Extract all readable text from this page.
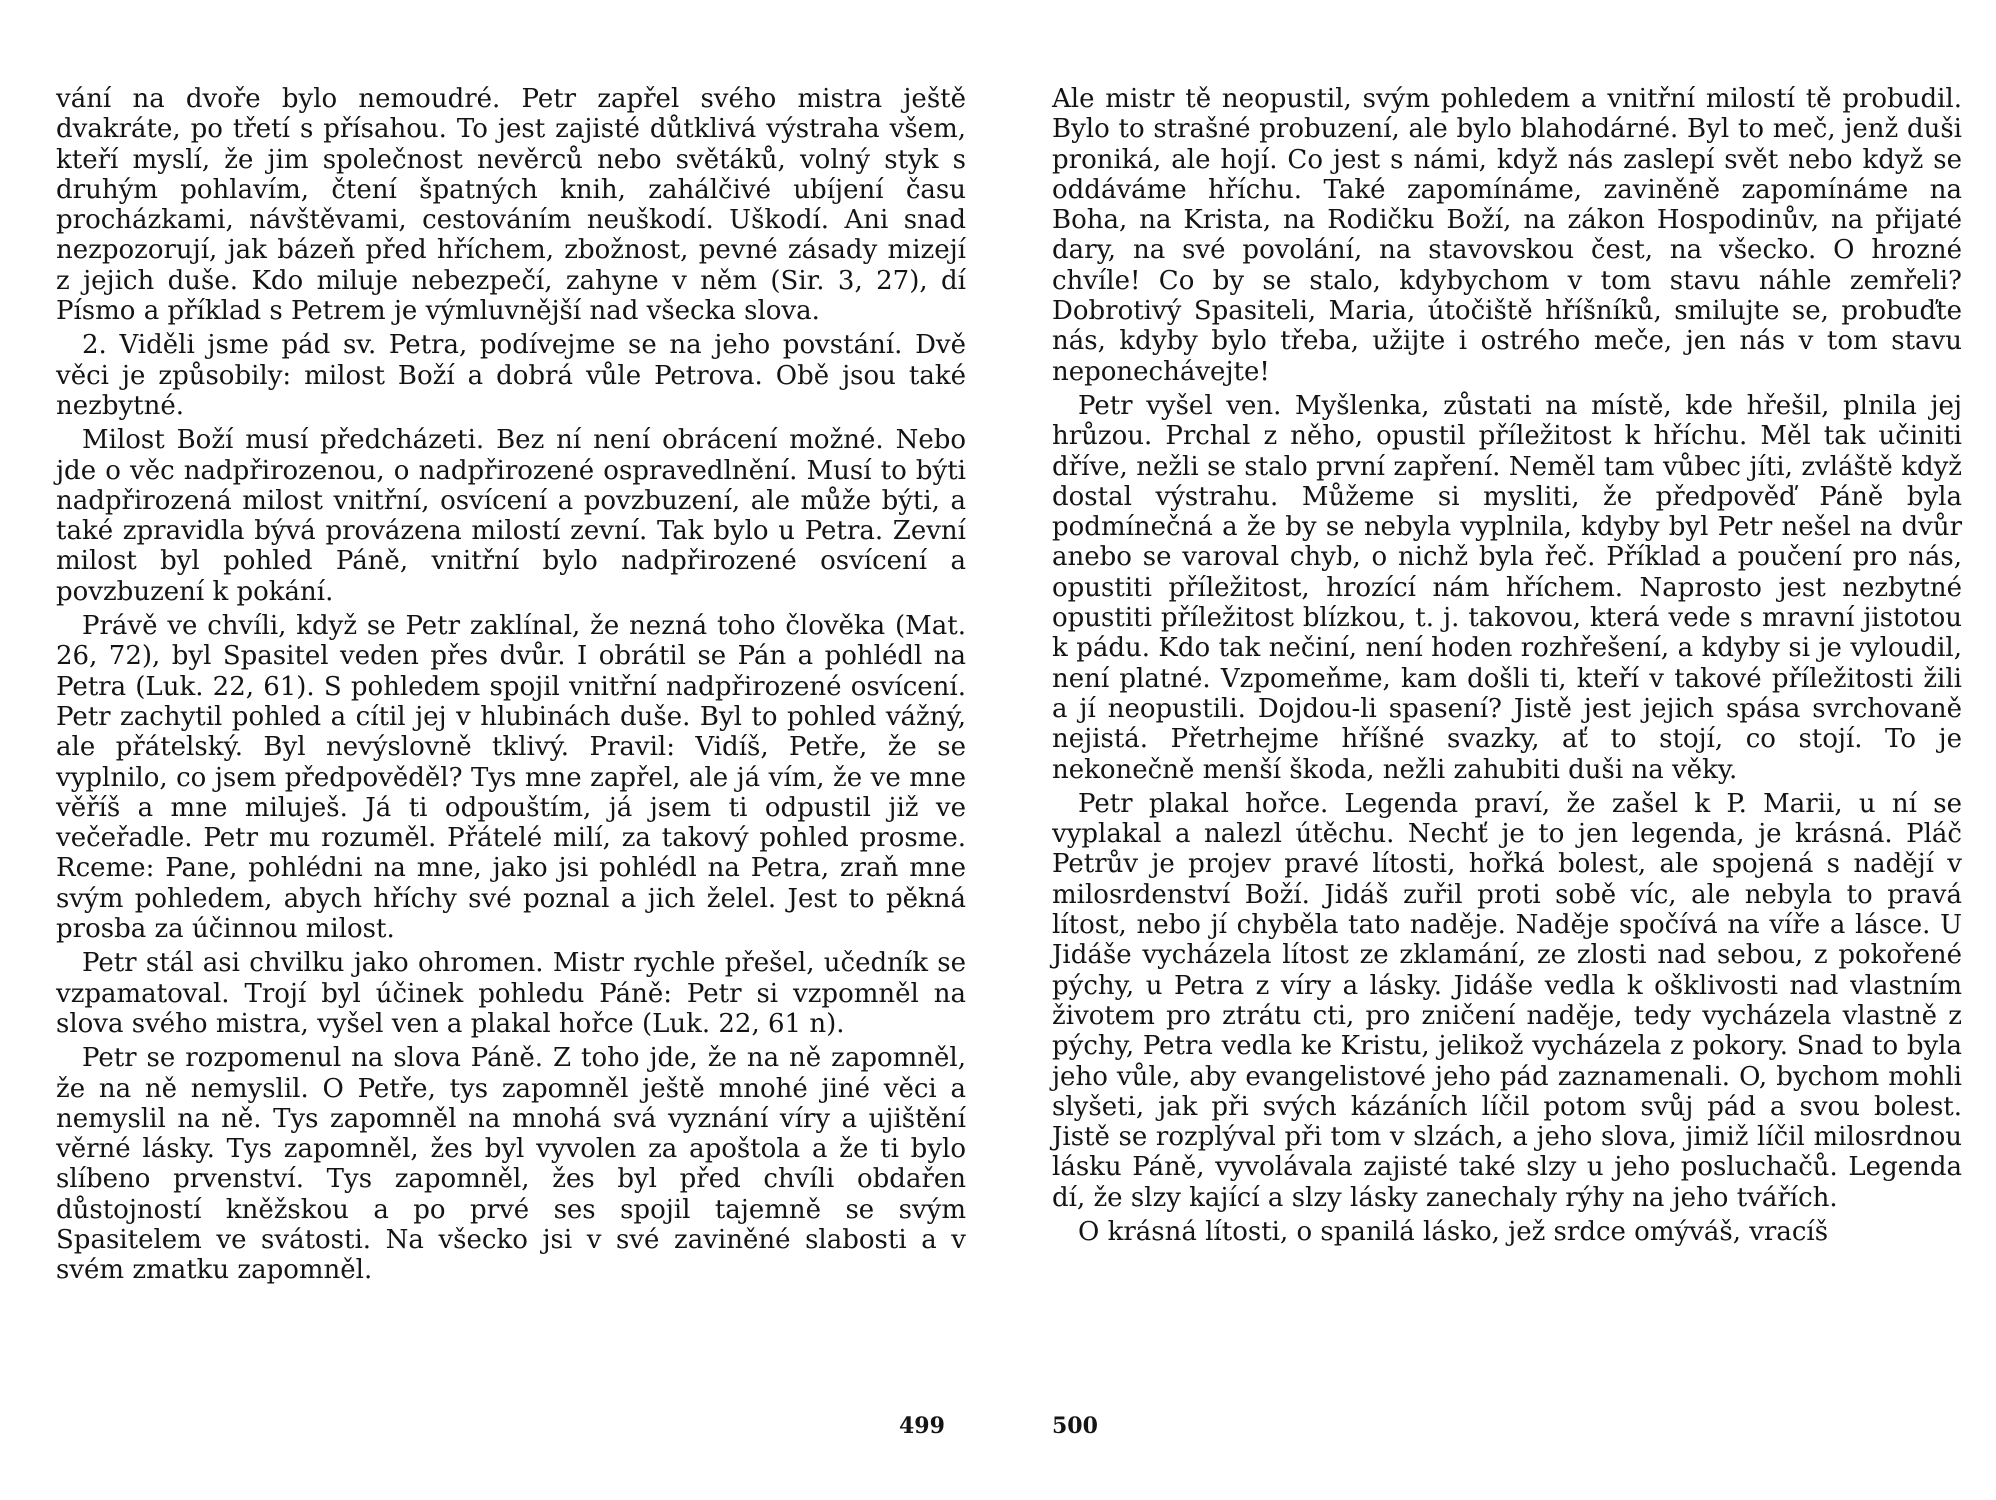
vání na dvoře bylo nemoudré. Petr zapřel svého mistra ještě dvakráte, po třetí s přísahou. To jest zajisté důtklivá výstraha všem, kteří myslí, že jim společnost nevěrců nebo světáků, volný styk s druhým pohlavím, čtení špatných knih, zahálčivé ubíjení času procházkami, návštěvami, cestováním neuškodí. Uškodí. Ani snad nezpozorují, jak bázeň před hříchem, zbožnost, pevné zásady mizejí z jejich duše. Kdo miluje nebezpečí, zahyne v něm (Sir. 3, 27), dí Písmo a příklad s Petrem je výmluvnější nad všecka slova.

2. Viděli jsme pád sv. Petra, podívejme se na jeho povstání. Dvě věci je způsobily: milost Boží a dobrá vůle Petrova. Obě jsou také nezbytné.

Milost Boží musí předcházeti. Bez ní není obrácení možné. Nebo jde o věc nadpřirozenou, o nadpřirozené ospravedlnění. Musí to býti nadpřirozená milost vnitřní, osvícení a povzbuzení, ale může býti, a také zpravidla bývá provázena milostí zevní. Tak bylo u Petra. Zevní milost byl pohled Páně, vnitřní bylo nadpřirozené osvícení a povzbuzení k pokání.

Právě ve chvíli, když se Petr zaklínal, že nezná toho člověka (Mat. 26, 72), byl Spasitel veden přes dvůr. I obrátil se Pán a pohlédl na Petra (Luk. 22, 61). S pohledem spojil vnitřní nadpřirozené osvícení. Petr zachytil pohled a cítil jej v hlubinách duše. Byl to pohled vážný, ale přátelský. Byl nevýslovně tklivý. Pravil: Vidíš, Petře, že se vyplnilo, co jsem předpověděl? Tys mne zapřel, ale já vím, že ve mne věříš a mne miluješ. Já ti odpouštím, já jsem ti odpustil již ve večeřadle. Petr mu rozuměl. Přátelé milí, za takový pohled prosme. Rceme: Pane, pohlédni na mne, jako jsi pohlédl na Petra, zraň mne svým pohledem, abych hříchy své poznal a jich želel. Jest to pěkná prosba za účinnou milost.

Petr stál asi chvilku jako ohromen. Mistr rychle přešel, učedník se vzpamatoval. Trojí byl účinek pohledu Páně: Petr si vzpomněl na slova svého mistra, vyšel ven a plakal hořce (Luk. 22, 61 n).

Petr se rozpomenul na slova Páně. Z toho jde, že na ně zapomněl, že na ně nemyslil. O Petře, tys zapomněl ještě mnohé jiné věci a nemyslil na ně. Tys zapomněl na mnohá svá vyznání víry a ujištění věrné lásky. Tys zapomněl, žes byl vyvolen za apoštola a že ti bylo slíbeno prvenství. Tys zapomněl, žes byl před chvíli obdařen důstojností kněžskou a po prvé ses spojil tajemně se svým Spasitelem ve svátosti. Na všecko jsi v své zaviněné slabosti a v svém zmatku zapomněl.

499

Ale mistr tě neopustil, svým pohledem a vnitřní milostí tě probudil. Bylo to strašné probuzení, ale bylo blahodárné. Byl to meč, jenž duši proniká, ale hojí. Co jest s námi, když nás zaslepí svět nebo když se oddáváme hříchu. Také zapomínáme, zaviněně zapomínáme na Boha, na Krista, na Rodičku Boží, na zákon Hospodinův, na přijaté dary, na své povolání, na stavovskou čest, na všecko. O hrozné chvíle! Co by se stalo, kdybychom v tom stavu náhle zemřeli? Dobrotivý Spasiteli, Maria, útočiště hříšníků, smilujte se, probuďte nás, kdyby bylo třeba, užijte i ostrého meče, jen nás v tom stavu neponechávejte!

Petr vyšel ven. Myšlenka, zůstati na místě, kde hřešil, plnila jej hrůzou. Prchal z něho, opustil příležitost k hříchu. Měl tak učiniti dříve, nežli se stalo první zapření. Neměl tam vůbec jíti, zvláště když dostal výstrahu. Můžeme si mysliti, že předpověď Páně byla podmínečná a že by se nebyla vyplnila, kdyby byl Petr nešel na dvůr anebo se varoval chyb, o nichž byla řeč. Příklad a poučení pro nás, opustiti příležitost, hrozící nám hříchem. Naprosto jest nezbytné opustiti příležitost blízkou, t. j. takovou, která vede s mravní jistotou k pádu. Kdo tak nečiní, není hoden rozhřešení, a kdyby si je vyloudil, není platné. Vzpomeňme, kam došli ti, kteří v takové příležitosti žili a jí neopustili. Dojdou-li spasení? Jistě jest jejich spása svrchovaně nejistá. Přetrhejme hříšné svazky, ať to stojí, co stojí. To je nekonečně menší škoda, nežli zahubiti duši na věky.

Petr plakal hořce. Legenda praví, že zašel k P. Marii, u ní se vyplakal a nalezl útěchu. Nechť je to jen legenda, je krásná. Pláč Petrův je projev pravé lítosti, hořká bolest, ale spojená s nadějí v milosrdenství Boží. Jidáš zuřil proti sobě víc, ale nebyla to pravá lítost, nebo jí chyběla tato naděje. Naděje spočívá na víře a lásce. U Jidáše vycházela lítost ze zklamání, ze zlosti nad sebou, z pokořené pýchy, u Petra z víry a lásky. Jidáše vedla k ošklivosti nad vlastním životem pro ztrátu cti, pro zničení naděje, tedy vycházela vlastně z pýchy, Petra vedla ke Kristu, jelikož vycházela z pokory. Snad to byla jeho vůle, aby evangelistové jeho pád zaznamenali. O, bychom mohli slyšeti, jak při svých kázáních líčil potom svůj pád a svou bolest. Jistě se rozplýval při tom v slzách, a jeho slova, jimiž líčil milosrdnou lásku Páně, vyvolávala zajisté také slzy u jeho posluchačů. Legenda dí, že slzy kající a slzy lásky zanechaly rýhy na jeho tvářích.

O krásná lítosti, o spanilá lásko, jež srdce omýváš, vracíš

500
